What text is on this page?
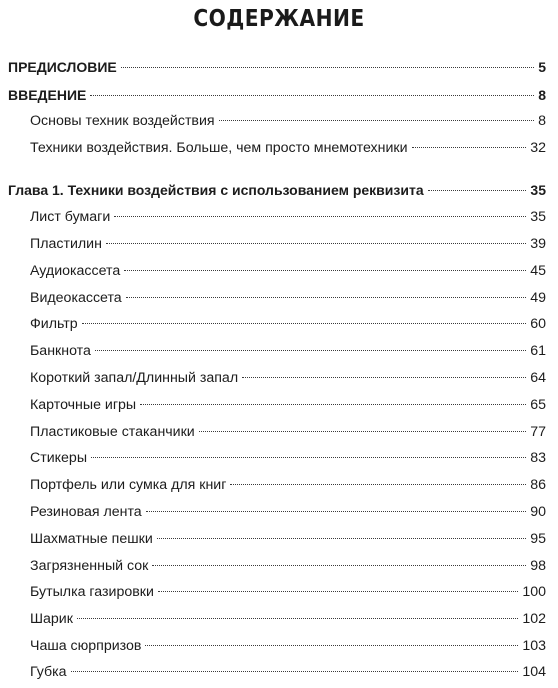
СОДЕРЖАНИЕ
ПРЕДИСЛОВИЕ	5
ВВЕДЕНИЕ	8
Основы техник воздействия	8
Техники воздействия. Больше, чем просто мнемотехники	32
Глава 1. Техники воздействия с использованием реквизита	35
Лист бумаги	35
Пластилин	39
Аудиокассета	45
Видеокассета	49
Фильтр	60
Банкнота	61
Короткий запал/Длинный запал	64
Карточные игры	65
Пластиковые стаканчики	77
Стикеры	83
Портфель или сумка для книг	86
Резиновая лента	90
Шахматные пешки	95
Загрязненный сок	98
Бутылка газировки	100
Шарик	102
Чаша сюрпризов	103
Губка	104
